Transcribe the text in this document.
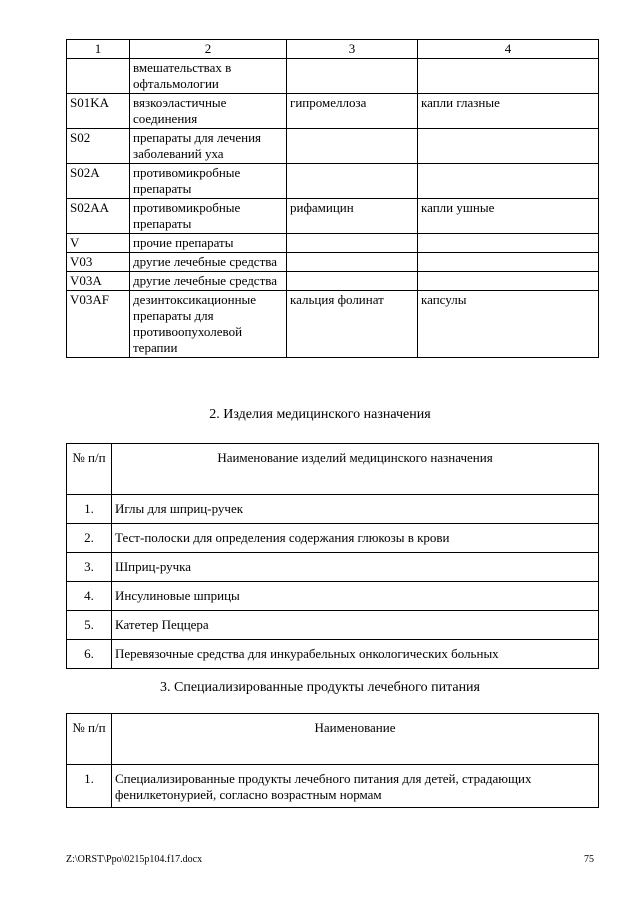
1	2	3	4
	вмешательствах в офтальмологии		
S01KA	вязкоэластичные соединения	гипромеллоза	капли глазные
S02	препараты для лечения заболеваний уха		
S02A	противомикробные препараты		
S02AA	противомикробные препараты	рифамицин	капли ушные
V	прочие препараты		
V03	другие лечебные средства		
V03A	другие лечебные средства		
V03AF	дезинтоксикационные препараты для противоопухолевой терапии	кальция фолинат	капсулы
2. Изделия медицинского назначения
№ п/п	Наименование изделий медицинского назначения
1.	Иглы для шприц-ручек
2.	Тест-полоски для определения содержания глюкозы в крови
3.	Шприц-ручка
4.	Инсулиновые шприцы
5.	Катетер Пеццера
6.	Перевязочные средства для инкурабельных онкологических больных
3. Специализированные продукты лечебного питания
№ п/п	Наименование
1.	Специализированные продукты лечебного питания для детей, страдающих фенилкетонурией, согласно возрастным нормам
Z:\ORST\Ppo\0215p104.f17.docx	75
